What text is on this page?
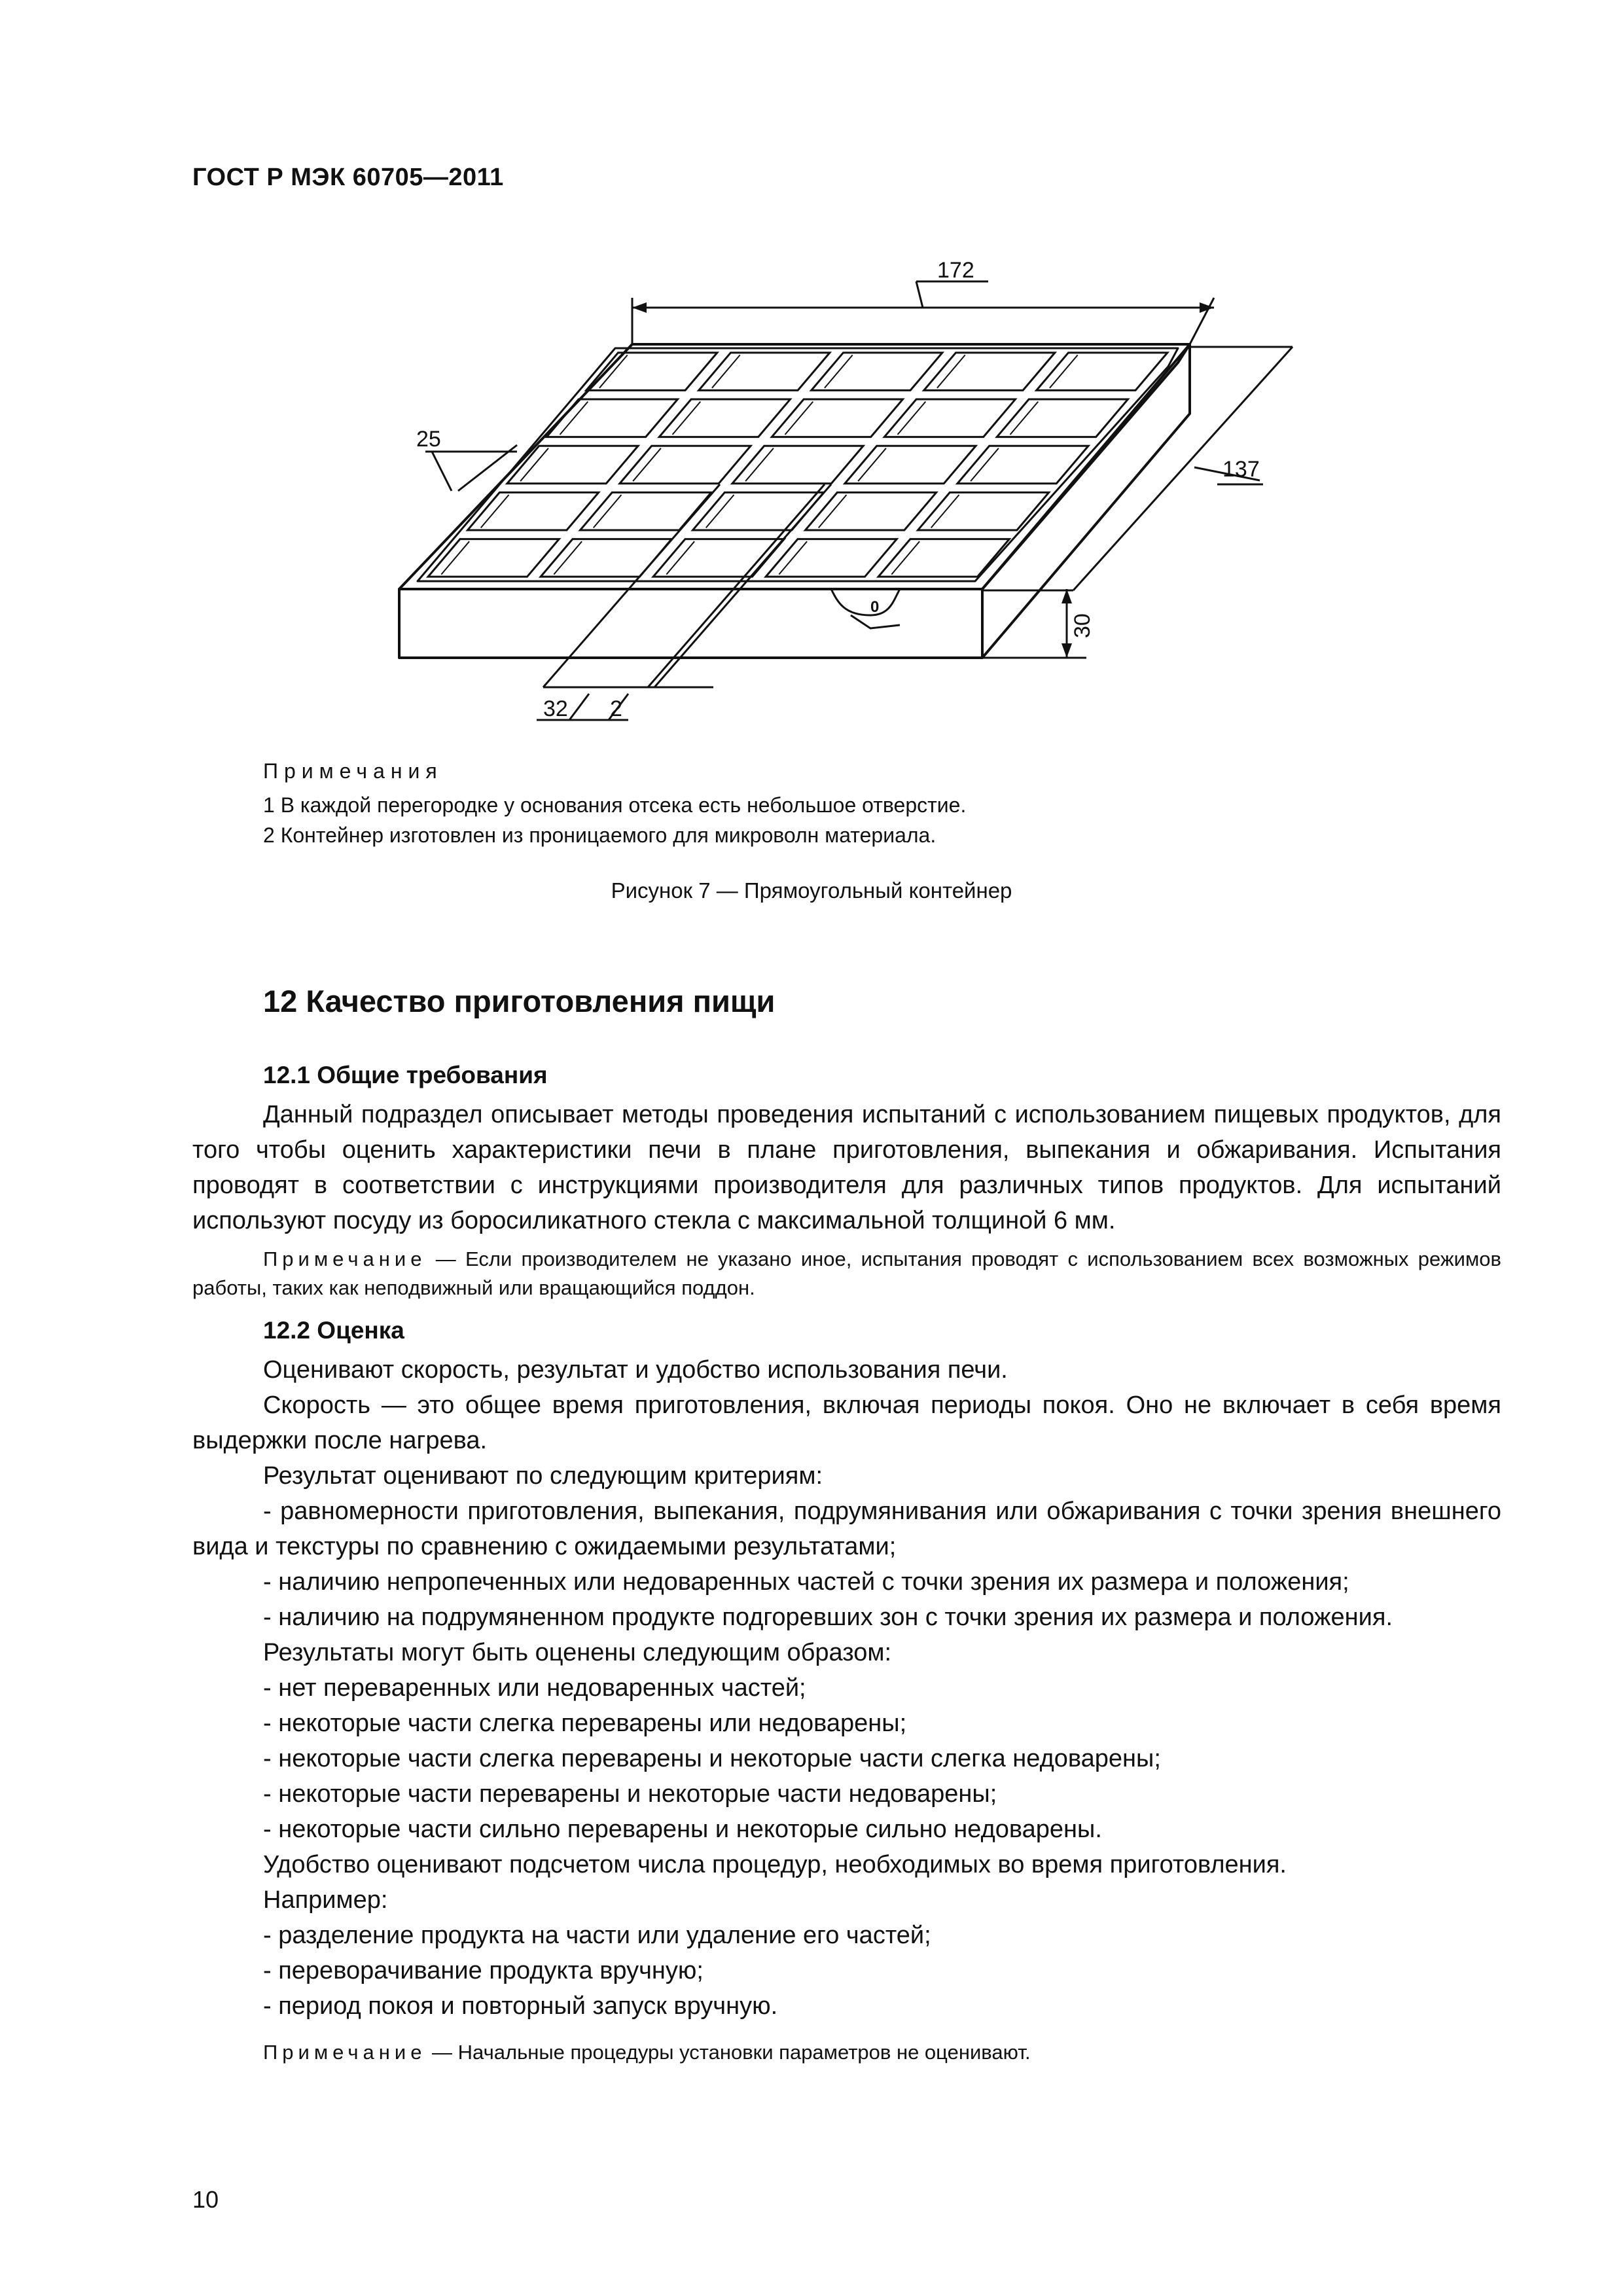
ГОСТ Р МЭК 60705—2011
172
137
25
30
32 2
0
Примечания
1 В каждой перегородке у основания отсека есть небольшое отверстие.
2 Контейнер изготовлен из проницаемого для микроволн материала.
Рисунок 7 — Прямоугольный контейнер
12 Качество приготовления пищи
12.1 Общие требования
Данный подраздел описывает методы проведения испытаний с использованием пищевых продуктов, для того чтобы оценить характеристики печи в плане приготовления, выпекания и обжаривания. Испытания проводят в соответствии с инструкциями производителя для различных типов продуктов. Для испытаний используют посуду из боросиликатного стекла с максимальной толщиной 6 мм.
Примечание — Если производителем не указано иное, испытания проводят с использованием всех возможных режимов работы, таких как неподвижный или вращающийся поддон.
12.2 Оценка
Оценивают скорость, результат и удобство использования печи.
Скорость — это общее время приготовления, включая периоды покоя. Оно не включает в себя время выдержки после нагрева.
Результат оценивают по следующим критериям:
- равномерности приготовления, выпекания, подрумянивания или обжаривания с точки зрения внешнего вида и текстуры по сравнению с ожидаемыми результатами;
- наличию непропеченных или недоваренных частей с точки зрения их размера и положения;
- наличию на подрумяненном продукте подгоревших зон с точки зрения их размера и положения.
Результаты могут быть оценены следующим образом:
- нет переваренных или недоваренных частей;
- некоторые части слегка переварены или недоварены;
- некоторые части слегка переварены и некоторые части слегка недоварены;
- некоторые части переварены и некоторые части недоварены;
- некоторые части сильно переварены и некоторые сильно недоварены.
Удобство оценивают подсчетом числа процедур, необходимых во время приготовления.
Например:
- разделение продукта на части или удаление его частей;
- переворачивание продукта вручную;
- период покоя и повторный запуск вручную.
Примечание — Начальные процедуры установки параметров не оценивают.
10
